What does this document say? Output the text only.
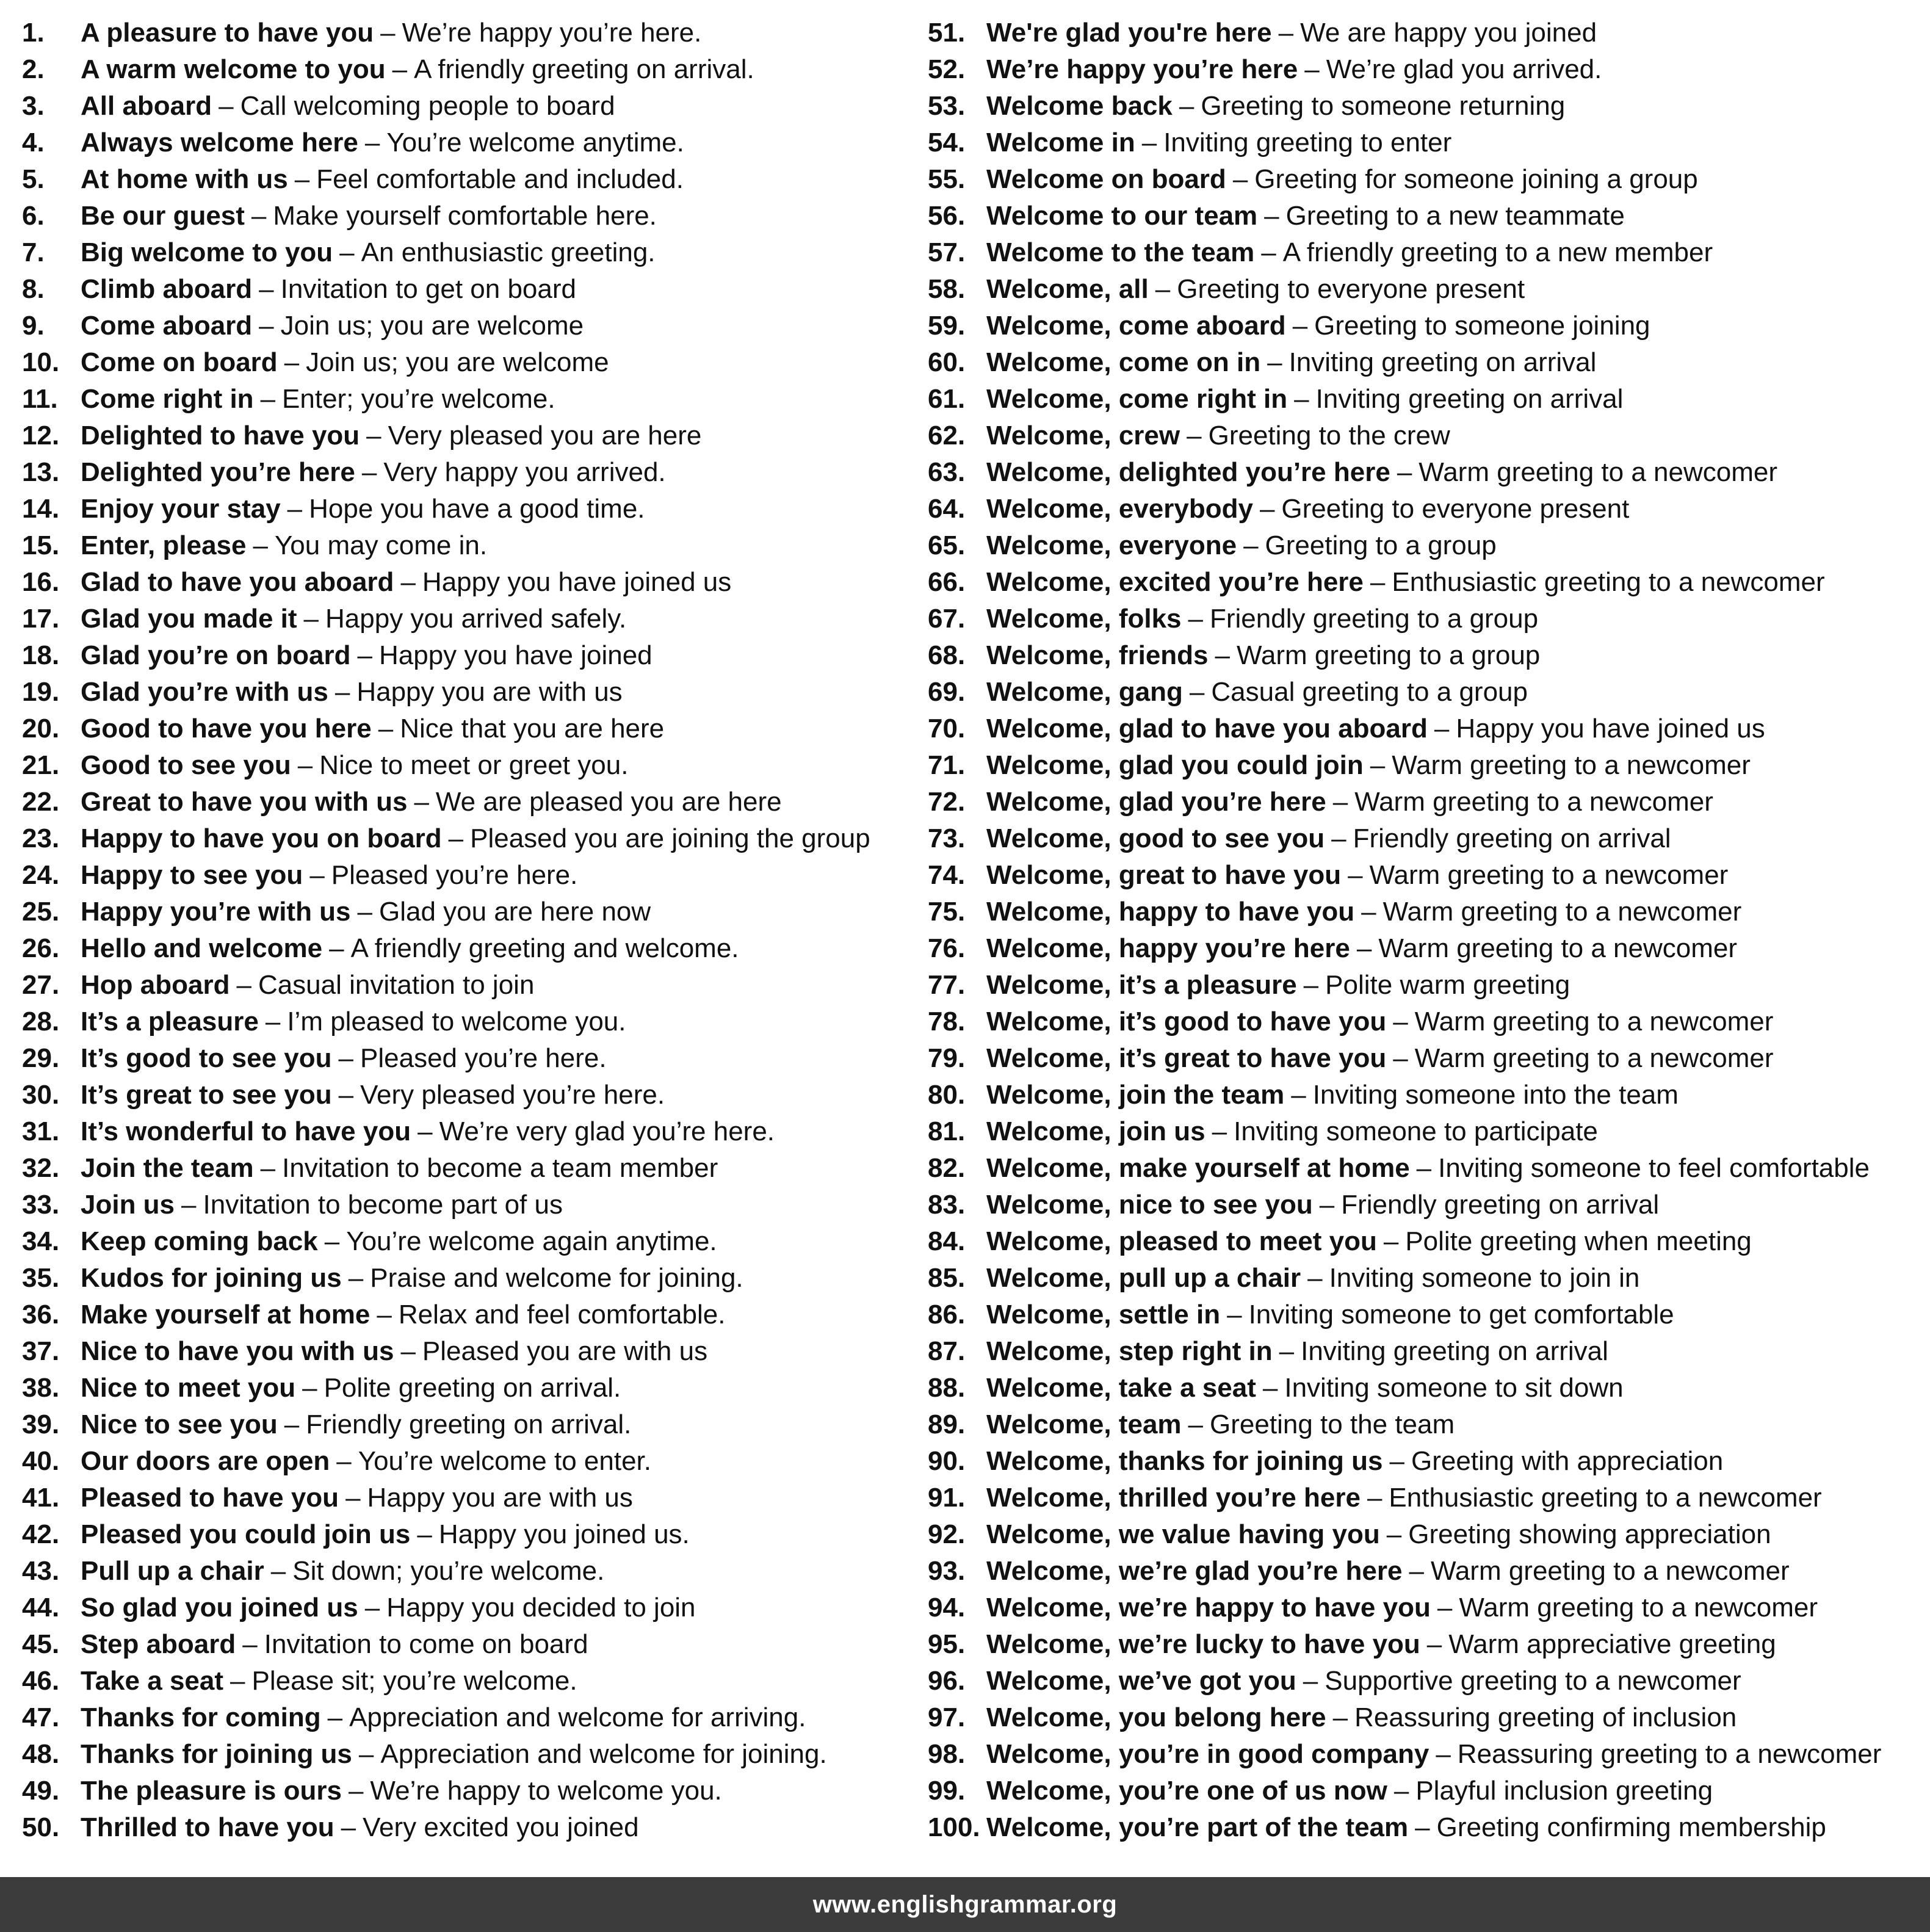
1.	A pleasure to have you – We’re happy you’re here.
2.	A warm welcome to you – A friendly greeting on arrival.
3.	All aboard – Call welcoming people to board
4.	Always welcome here – You’re welcome anytime.
5.	At home with us – Feel comfortable and included.
6.	Be our guest – Make yourself comfortable here.
7.	Big welcome to you – An enthusiastic greeting.
8.	Climb aboard – Invitation to get on board
9.	Come aboard – Join us; you are welcome
10. Come on board – Join us; you are welcome
11. Come right in – Enter; you’re welcome.
12. Delighted to have you – Very pleased you are here
13. Delighted you’re here – Very happy you arrived.
14. Enjoy your stay – Hope you have a good time.
15. Enter, please – You may come in.
16. Glad to have you aboard – Happy you have joined us
17. Glad you made it – Happy you arrived safely.
18. Glad you’re on board – Happy you have joined
19. Glad you’re with us – Happy you are with us
20. Good to have you here – Nice that you are here
21. Good to see you – Nice to meet or greet you.
22. Great to have you with us – We are pleased you are here
23. Happy to have you on board – Pleased you are joining the group
24. Happy to see you – Pleased you’re here.
25. Happy you’re with us – Glad you are here now
26. Hello and welcome – A friendly greeting and welcome.
27. Hop aboard – Casual invitation to join
28. It’s a pleasure – I’m pleased to welcome you.
29. It’s good to see you – Pleased you’re here.
30. It’s great to see you – Very pleased you’re here.
31. It’s wonderful to have you – We’re very glad you’re here.
32. Join the team – Invitation to become a team member
33. Join us – Invitation to become part of us
34. Keep coming back – You’re welcome again anytime.
35. Kudos for joining us – Praise and welcome for joining.
36. Make yourself at home – Relax and feel comfortable.
37. Nice to have you with us – Pleased you are with us
38. Nice to meet you – Polite greeting on arrival.
39. Nice to see you – Friendly greeting on arrival.
40. Our doors are open – You’re welcome to enter.
41. Pleased to have you – Happy you are with us
42. Pleased you could join us – Happy you joined us.
43. Pull up a chair – Sit down; you’re welcome.
44. So glad you joined us – Happy you decided to join
45. Step aboard – Invitation to come on board
46. Take a seat – Please sit; you’re welcome.
47. Thanks for coming – Appreciation and welcome for arriving.
48. Thanks for joining us – Appreciation and welcome for joining.
49. The pleasure is ours – We’re happy to welcome you.
50. Thrilled to have you – Very excited you joined
51. We're glad you're here – We are happy you joined
52. We’re happy you’re here – We’re glad you arrived.
53. Welcome back – Greeting to someone returning
54. Welcome in – Inviting greeting to enter
55. Welcome on board – Greeting for someone joining a group
56. Welcome to our team – Greeting to a new teammate
57. Welcome to the team – A friendly greeting to a new member
58. Welcome, all – Greeting to everyone present
59. Welcome, come aboard – Greeting to someone joining
60. Welcome, come on in – Inviting greeting on arrival
61. Welcome, come right in – Inviting greeting on arrival
62. Welcome, crew – Greeting to the crew
63. Welcome, delighted you’re here – Warm greeting to a newcomer
64. Welcome, everybody – Greeting to everyone present
65. Welcome, everyone – Greeting to a group
66. Welcome, excited you’re here – Enthusiastic greeting to a newcomer
67. Welcome, folks – Friendly greeting to a group
68. Welcome, friends – Warm greeting to a group
69. Welcome, gang – Casual greeting to a group
70. Welcome, glad to have you aboard – Happy you have joined us
71. Welcome, glad you could join – Warm greeting to a newcomer
72. Welcome, glad you’re here – Warm greeting to a newcomer
73. Welcome, good to see you – Friendly greeting on arrival
74. Welcome, great to have you – Warm greeting to a newcomer
75. Welcome, happy to have you – Warm greeting to a newcomer
76. Welcome, happy you’re here – Warm greeting to a newcomer
77. Welcome, it’s a pleasure – Polite warm greeting
78. Welcome, it’s good to have you – Warm greeting to a newcomer
79. Welcome, it’s great to have you – Warm greeting to a newcomer
80. Welcome, join the team – Inviting someone into the team
81. Welcome, join us – Inviting someone to participate
82. Welcome, make yourself at home – Inviting someone to feel comfortable
83. Welcome, nice to see you – Friendly greeting on arrival
84. Welcome, pleased to meet you – Polite greeting when meeting
85. Welcome, pull up a chair – Inviting someone to join in
86. Welcome, settle in – Inviting someone to get comfortable
87. Welcome, step right in – Inviting greeting on arrival
88. Welcome, take a seat – Inviting someone to sit down
89. Welcome, team – Greeting to the team
90. Welcome, thanks for joining us – Greeting with appreciation
91. Welcome, thrilled you’re here – Enthusiastic greeting to a newcomer
92. Welcome, we value having you – Greeting showing appreciation
93. Welcome, we’re glad you’re here – Warm greeting to a newcomer
94. Welcome, we’re happy to have you – Warm greeting to a newcomer
95. Welcome, we’re lucky to have you – Warm appreciative greeting
96. Welcome, we’ve got you – Supportive greeting to a newcomer
97. Welcome, you belong here – Reassuring greeting of inclusion
98. Welcome, you’re in good company – Reassuring greeting to a newcomer
99. Welcome, you’re one of us now – Playful inclusion greeting
100. Welcome, you’re part of the team – Greeting confirming membership
www.englishgrammar.org
